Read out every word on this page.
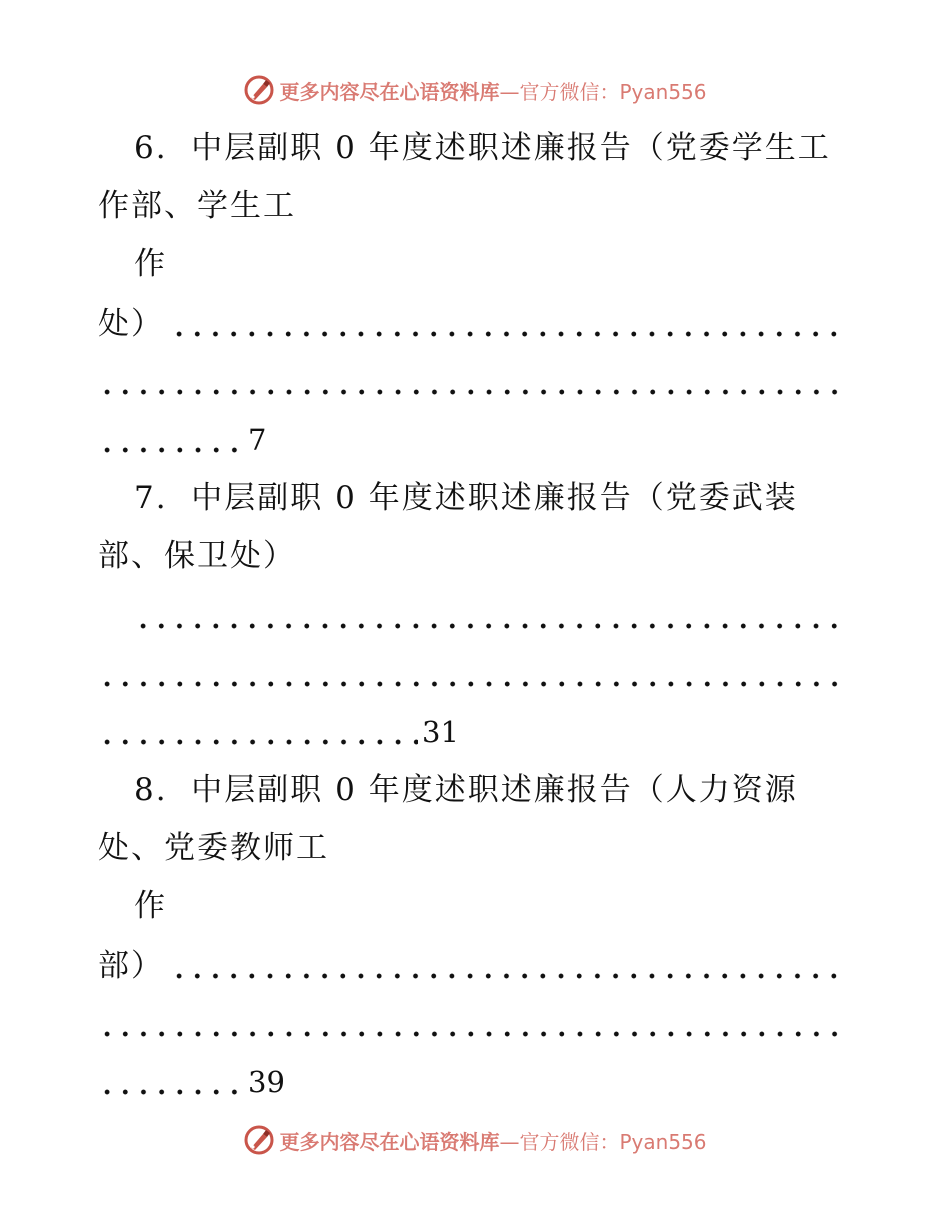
更多内容尽在心语资料库—官方微信：Pyan556
6. 中层副职 0 年度述职述廉报告（党委学生工
作部、学生工
作
处）
7
7. 中层副职 0 年度述职述廉报告（党委武装
部、保卫处）
31
8. 中层副职 0 年度述职述廉报告（人力资源
处、党委教师工
作
部）
39
更多内容尽在心语资料库—官方微信：Pyan556
